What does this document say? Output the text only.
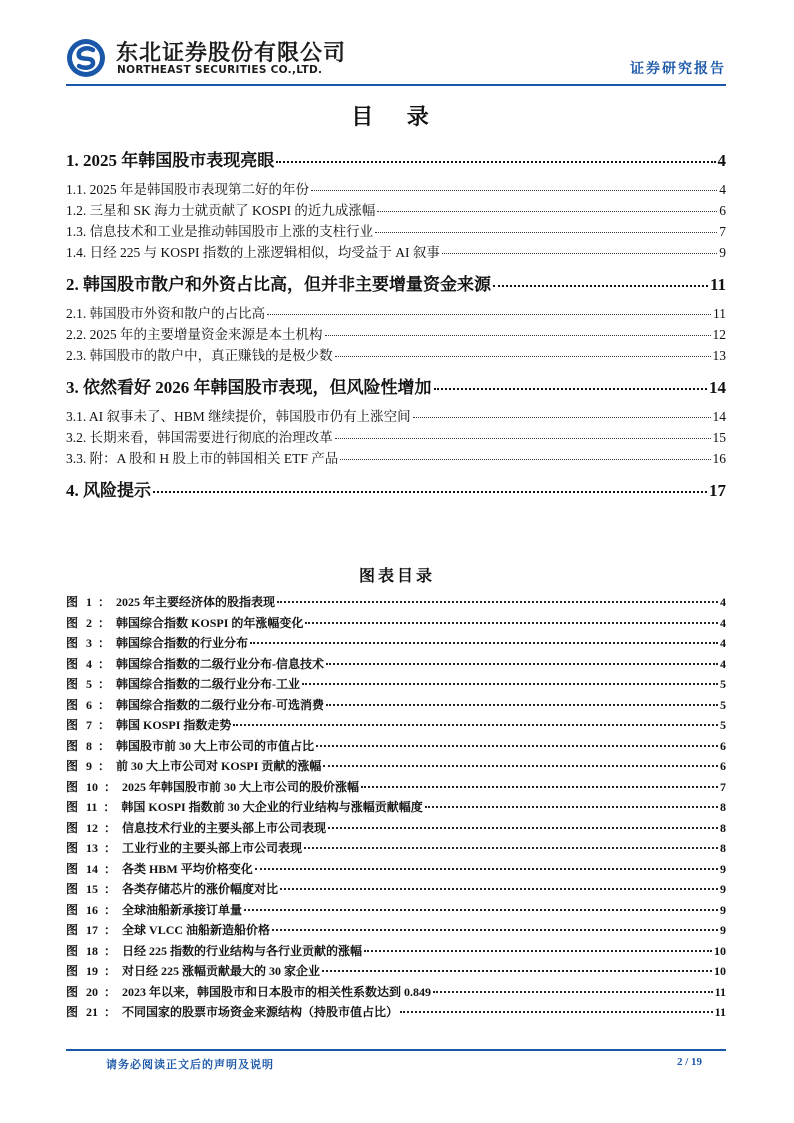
东北证券股份有限公司
NORTHEAST SECURITIES CO.,LTD.	证券研究报告
目 录
1. 2025 年韩国股市表现亮眼	4
1.1. 2025 年是韩国股市表现第二好的年份	4
1.2. 三星和 SK 海力士就贡献了 KOSPI 的近九成涨幅	6
1.3. 信息技术和工业是推动韩国股市上涨的支柱行业	7
1.4. 日经 225 与 KOSPI 指数的上涨逻辑相似，均受益于 AI 叙事	9
2. 韩国股市散户和外资占比高，但并非主要增量资金来源	11
2.1. 韩国股市外资和散户的占比高	11
2.2. 2025 年的主要增量资金来源是本土机构	12
2.3. 韩国股市的散户中，真正赚钱的是极少数	13
3. 依然看好 2026 年韩国股市表现，但风险性增加	14
3.1. AI 叙事未了、HBM 继续提价，韩国股市仍有上涨空间	14
3.2. 长期来看，韩国需要进行彻底的治理改革	15
3.3. 附：A 股和 H 股上市的韩国相关 ETF 产品	16
4. 风险提示	17
图表目录
图 1 ： 2025 年主要经济体的股指表现	4
图 2 ： 韩国综合指数 KOSPI 的年涨幅变化	4
图 3 ： 韩国综合指数的行业分布	4
图 4 ： 韩国综合指数的二级行业分布-信息技术	4
图 5 ： 韩国综合指数的二级行业分布-工业	5
图 6 ： 韩国综合指数的二级行业分布-可选消费	5
图 7 ： 韩国 KOSPI 指数走势	5
图 8 ： 韩国股市前 30 大上市公司的市值占比	6
图 9 ： 前 30 大上市公司对 KOSPI 贡献的涨幅	6
图 10 ： 2025 年韩国股市前 30 大上市公司的股价涨幅	7
图 11 ： 韩国 KOSPI 指数前 30 大企业的行业结构与涨幅贡献幅度	8
图 12 ： 信息技术行业的主要头部上市公司表现	8
图 13 ： 工业行业的主要头部上市公司表现	8
图 14 ： 各类 HBM 平均价格变化	9
图 15 ： 各类存储芯片的涨价幅度对比	9
图 16 ： 全球油船新承接订单量	9
图 17 ： 全球 VLCC 油船新造船价格	9
图 18 ： 日经 225 指数的行业结构与各行业贡献的涨幅	10
图 19 ： 对日经 225 涨幅贡献最大的 30 家企业	10
图 20 ： 2023 年以来，韩国股市和日本股市的相关性系数达到 0.849	11
图 21 ： 不同国家的股票市场资金来源结构（持股市值占比）	11
请务必阅读正文后的声明及说明	2 / 19
